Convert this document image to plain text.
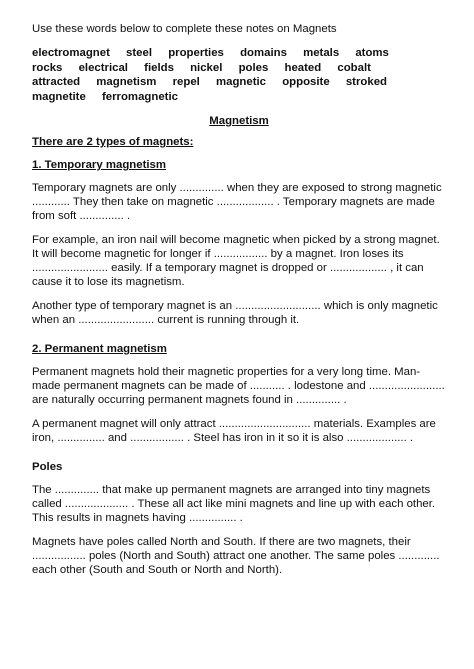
Use these words below to complete these notes on Magnets
electromagnet steel properties domains metals atoms
rocks electrical fields nickel poles heated cobalt
attracted magnetism repel magnetic opposite stroked
magnetite ferromagnetic
Magnetism
There are 2 types of magnets:
1. Temporary magnetism
Temporary magnets are only .............. when they are exposed to strong magnetic ............ They then take on magnetic .................. . Temporary magnets are made from soft .............. .
For example, an iron nail will become magnetic when picked by a strong magnet. It will become magnetic for longer if ................. by a magnet. Iron loses its ........................ easily. If a temporary magnet is dropped or .................. , it can cause it to lose its magnetism.
Another type of temporary magnet is an ........................... which is only magnetic when an ........................ current is running through it.
2. Permanent magnetism
Permanent magnets hold their magnetic properties for a very long time. Man-made permanent magnets can be made of ........... . lodestone and ........................ are naturally occurring permanent magnets found in .............. .
A permanent magnet will only attract ............................. materials. Examples are iron, ............... and ................. . Steel has iron in it so it is also ................... .
Poles
The .............. that make up permanent magnets are arranged into tiny magnets called .................... . These all act like mini magnets and line up with each other. This results in magnets having ............... .
Magnets have poles called North and South. If there are two magnets, their ................. poles (North and South) attract one another. The same poles ............. each other (South and South or North and North).
